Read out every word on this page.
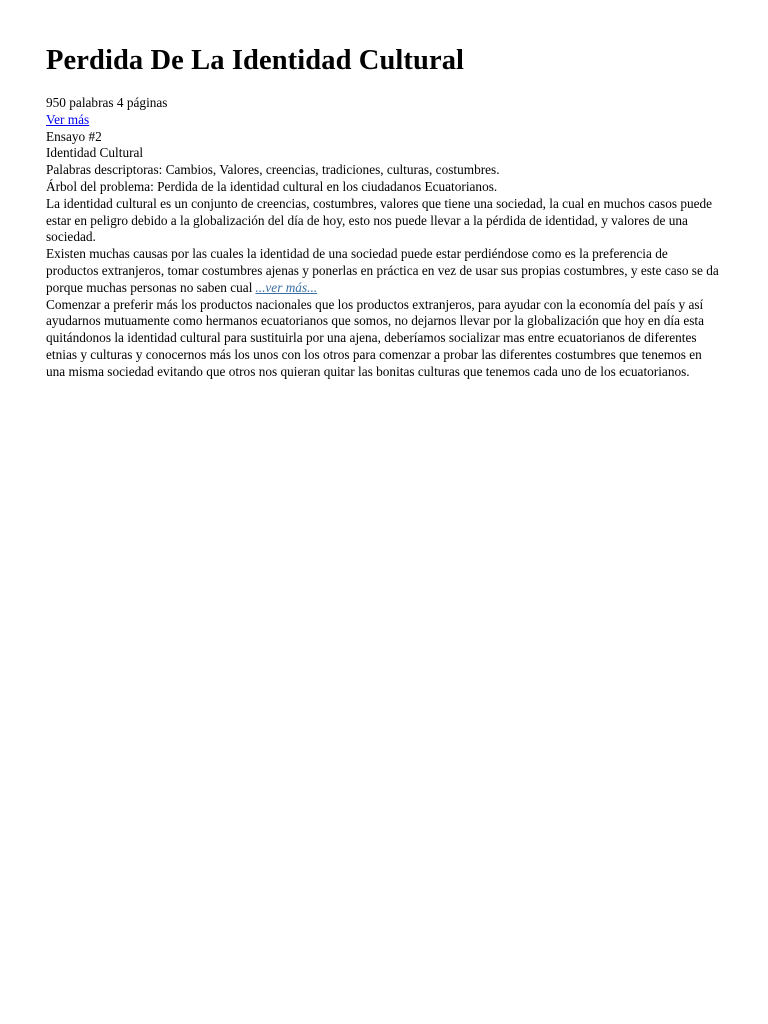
Perdida De La Identidad Cultural
950 palabras 4 páginas
Ver más
Ensayo #2
Identidad Cultural
Palabras descriptoras: Cambios, Valores, creencias, tradiciones, culturas, costumbres.
Árbol del problema: Perdida de la identidad cultural en los ciudadanos Ecuatorianos.

La identidad cultural es un conjunto de creencias, costumbres, valores que tiene una sociedad, la cual en muchos casos puede estar en peligro debido a la globalización del día de hoy, esto nos puede llevar a la pérdida de identidad, y valores de una sociedad.

Existen muchas causas por las cuales la identidad de una sociedad puede estar perdiéndose como es la preferencia de productos extranjeros, tomar costumbres ajenas y ponerlas en práctica en vez de usar sus propias costumbres, y este caso se da porque muchas personas no saben cual ...ver más...

Comenzar a preferir más los productos nacionales que los productos extranjeros, para ayudar con la economía del país y así ayudarnos mutuamente como hermanos ecuatorianos que somos, no dejarnos llevar por la globalización que hoy en día esta quitándonos la identidad cultural para sustituirla por una ajena, deberíamos socializar mas entre ecuatorianos de diferentes etnias y culturas y conocernos más los unos con los otros para comenzar a probar las diferentes costumbres que tenemos en una misma sociedad evitando que otros nos quieran quitar las bonitas culturas que tenemos cada uno de los ecuatorianos.
